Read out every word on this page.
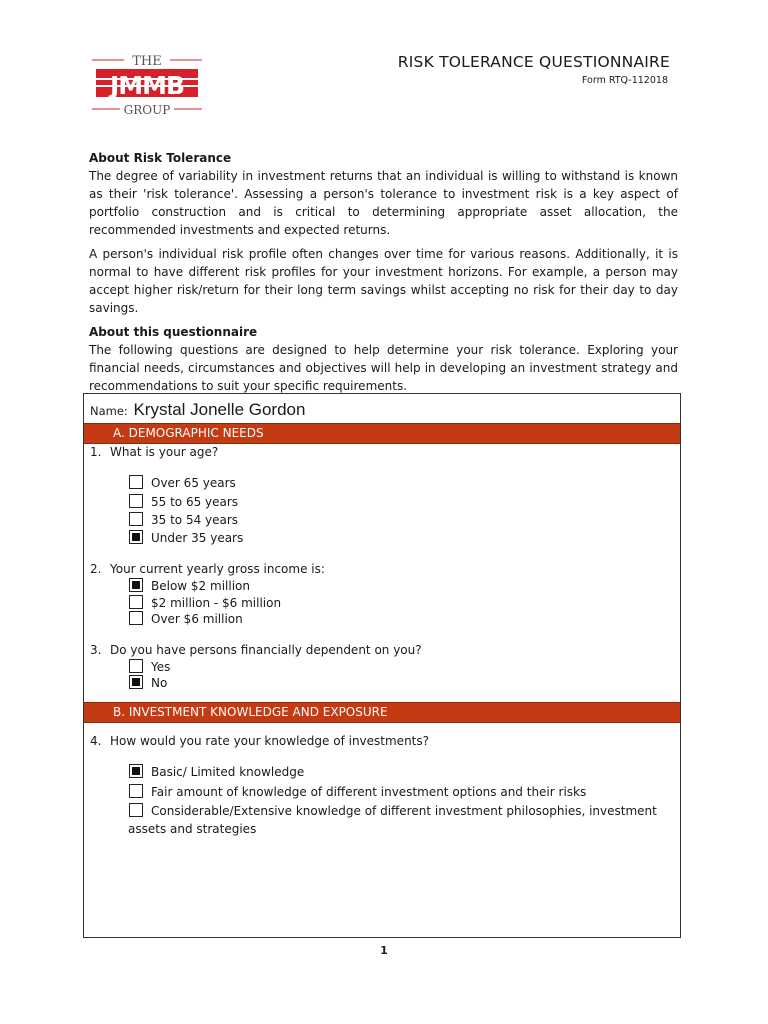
THE
JMMB
GROUP
RISK TOLERANCE QUESTIONNAIRE
Form RTQ-112018
About Risk Tolerance

The degree of variability in investment returns that an individual is willing to withstand is known as their 'risk tolerance'. Assessing a person's tolerance to investment risk is a key aspect of portfolio construction and is critical to determining appropriate asset allocation, the recommended investments and expected returns.

A person's individual risk profile often changes over time for various reasons. Additionally, it is normal to have different risk profiles for your investment horizons. For example, a person may accept higher risk/return for their long term savings whilst accepting no risk for their day to day savings.

About this questionnaire

The following questions are designed to help determine your risk tolerance. Exploring your financial needs, circumstances and objectives will help in developing an investment strategy and recommendations to suit your specific requirements.

Name: Krystal Jonelle Gordon
A. DEMOGRAPHIC NEEDS
1. What is your age?
Over 65 years
55 to 65 years
35 to 54 years
Under 35 years
2. Your current yearly gross income is:
Below $2 million
$2 million - $6 million
Over $6 million
3. Do you have persons financially dependent on you?
Yes
No
B. INVESTMENT KNOWLEDGE AND EXPOSURE
4. How would you rate your knowledge of investments?
Basic/ Limited knowledge
Fair amount of knowledge of different investment options and their risks
Considerable/Extensive knowledge of different investment philosophies, investment
assets and strategies
1
